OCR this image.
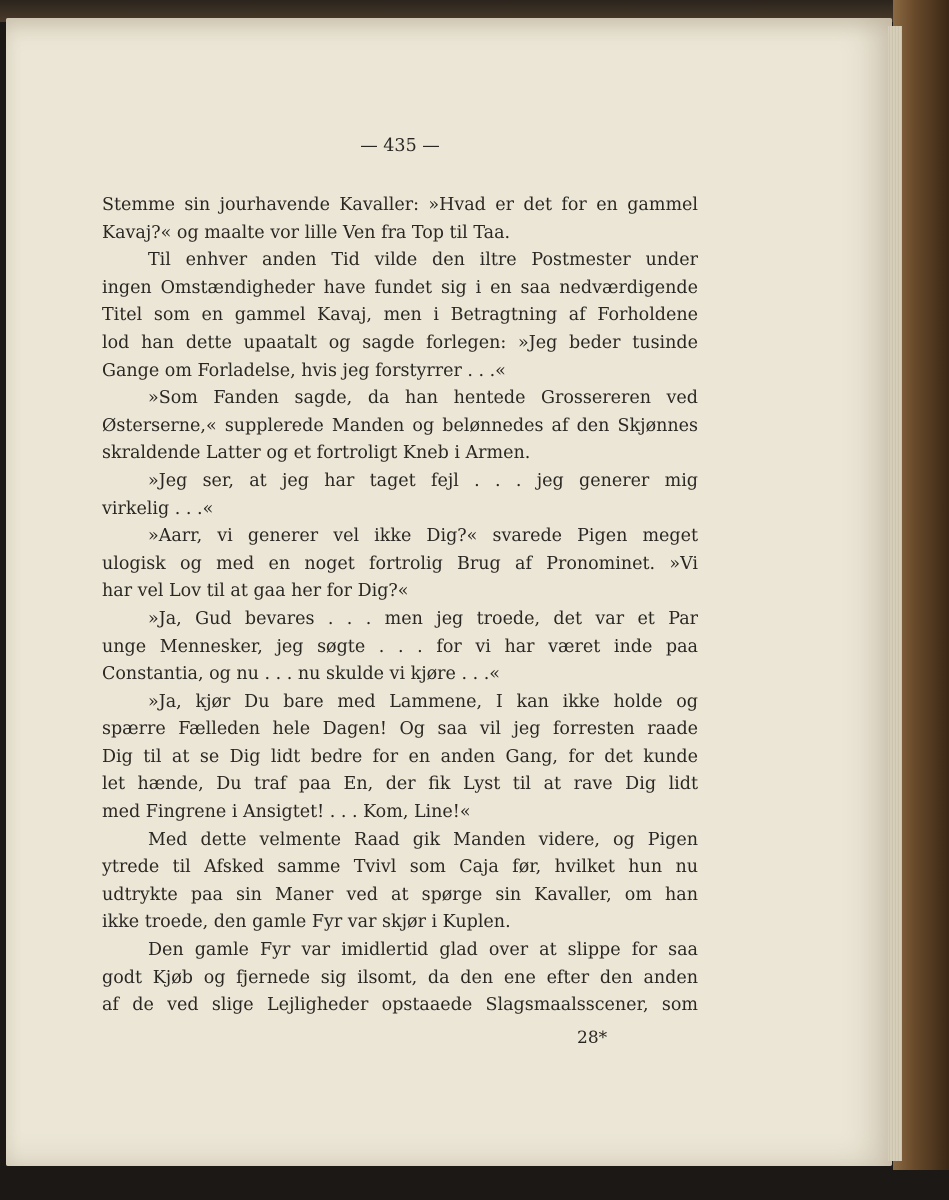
— 435 —
Stemme sin jourhavende Kavaller: »Hvad er det for en gammel
Kavaj?« og maalte vor lille Ven fra Top til Taa.
Til enhver anden Tid vilde den iltre Postmester under
ingen Omstændigheder have fundet sig i en saa nedværdigende
Titel som en gammel Kavaj, men i Betragtning af Forholdene
lod han dette upaatalt og sagde forlegen: »Jeg beder tusinde
Gange om Forladelse, hvis jeg forstyrrer . . .«
»Som Fanden sagde, da han hentede Grossereren ved
Østerserne,« supplerede Manden og belønnedes af den Skjønnes
skraldende Latter og et fortroligt Kneb i Armen.
»Jeg ser, at jeg har taget fejl . . . jeg generer mig
virkelig . . .«
»Aarr, vi generer vel ikke Dig?« svarede Pigen meget
ulogisk og med en noget fortrolig Brug af Pronominet. »Vi
har vel Lov til at gaa her for Dig?«
»Ja, Gud bevares . . . men jeg troede, det var et Par
unge Mennesker, jeg søgte . . . for vi har været inde paa
Constantia, og nu . . . nu skulde vi kjøre . . .«
»Ja, kjør Du bare med Lammene, I kan ikke holde og
spærre Fælleden hele Dagen! Og saa vil jeg forresten raade
Dig til at se Dig lidt bedre for en anden Gang, for det kunde
let hænde, Du traf paa En, der fik Lyst til at rave Dig lidt
med Fingrene i Ansigtet! . . . Kom, Line!«
Med dette velmente Raad gik Manden videre, og Pigen
ytrede til Afsked samme Tvivl som Caja før, hvilket hun nu
udtrykte paa sin Maner ved at spørge sin Kavaller, om han
ikke troede, den gamle Fyr var skjør i Kuplen.
Den gamle Fyr var imidlertid glad over at slippe for saa
godt Kjøb og fjernede sig ilsomt, da den ene efter den anden
af de ved slige Lejligheder opstaaede Slagsmaalsscener, som
28*
